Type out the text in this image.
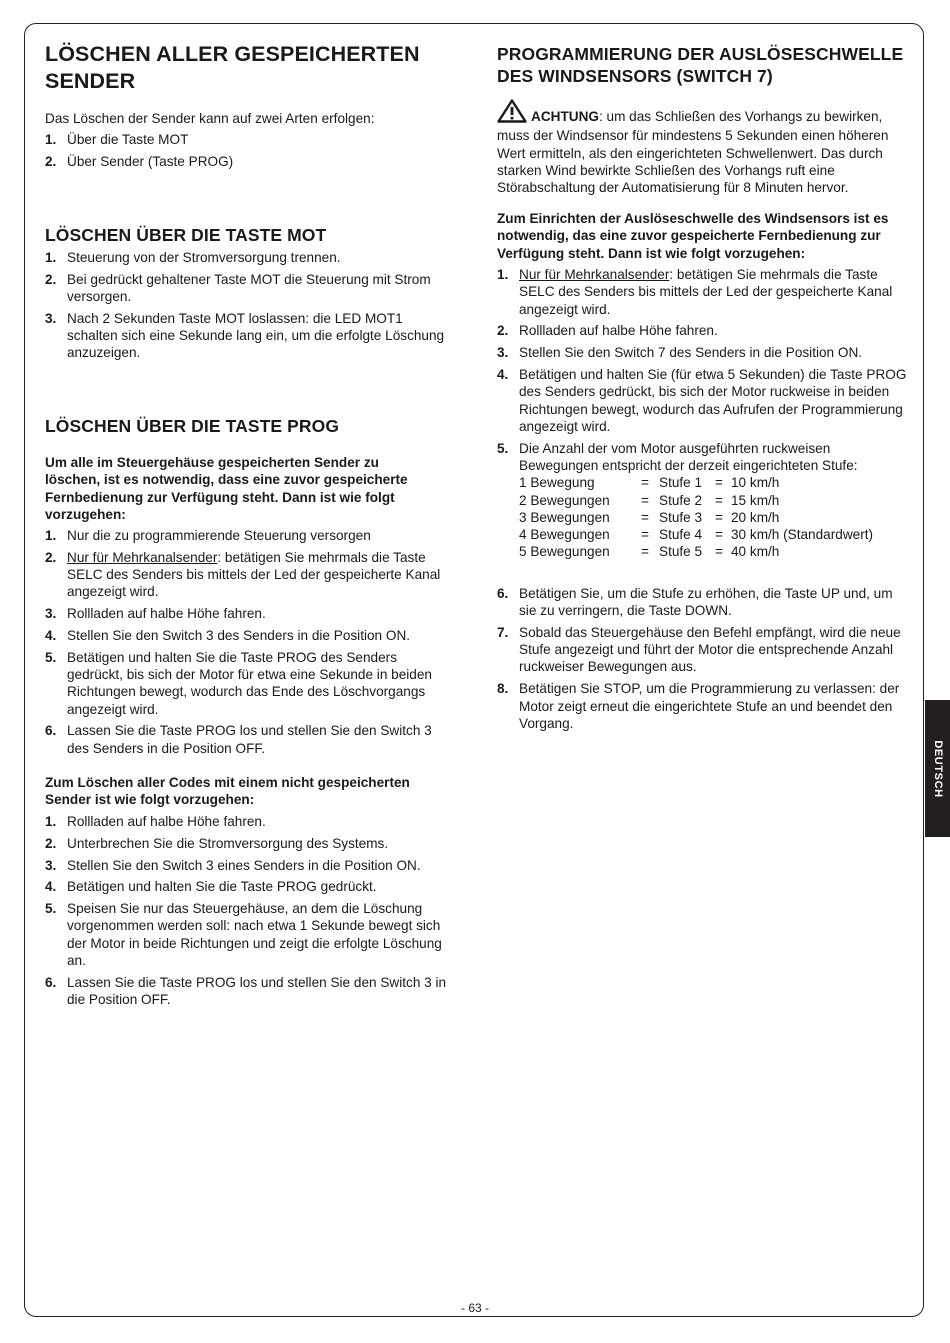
LÖSCHEN ALLER GESPEICHERTEN SENDER

Das Löschen der Sender kann auf zwei Arten erfolgen:

1. Über die Taste MOT
2. Über Sender (Taste PROG)
LÖSCHEN ÜBER DIE TASTE MOT
1. Steuerung von der Stromversorgung trennen.
2. Bei gedrückt gehaltener Taste MOT die Steuerung mit Strom versorgen.
3. Nach 2 Sekunden Taste MOT loslassen: die LED MOT1 schalten sich eine Sekunde lang ein, um die erfolgte Löschung anzuzeigen.
LÖSCHEN ÜBER DIE TASTE PROG

Um alle im Steuergehäuse gespeicherten Sender zu löschen, ist es notwendig, dass eine zuvor gespeicherte Fernbedienung zur Verfügung steht. Dann ist wie folgt vorzugehen:

1. Nur die zu programmierende Steuerung versorgen
2. Nur für Mehrkanalsender: betätigen Sie mehrmals die Taste SELC des Senders bis mittels der Led der gespeicherte Kanal angezeigt wird.
3. Rollladen auf halbe Höhe fahren.
4. Stellen Sie den Switch 3 des Senders in die Position ON.
5. Betätigen und halten Sie die Taste PROG des Senders gedrückt, bis sich der Motor für etwa eine Sekunde in beiden Richtungen bewegt, wodurch das Ende des Löschvorgangs angezeigt wird.
6. Lassen Sie die Taste PROG los und stellen Sie den Switch 3 des Senders in die Position OFF.

Zum Löschen aller Codes mit einem nicht gespeicherten Sender ist wie folgt vorzugehen:

1. Rollladen auf halbe Höhe fahren.
2. Unterbrechen Sie die Stromversorgung des Systems.
3. Stellen Sie den Switch 3 eines Senders in die Position ON.
4. Betätigen und halten Sie die Taste PROG gedrückt.
5. Speisen Sie nur das Steuergehäuse, an dem die Löschung vorgenommen werden soll: nach etwa 1 Sekunde bewegt sich der Motor in beide Richtungen und zeigt die erfolgte Löschung an.
6. Lassen Sie die Taste PROG los und stellen Sie den Switch 3 in die Position OFF.
PROGRAMMIERUNG DER AUSLÖSESCHWELLE DES WINDSENSORS (SWITCH 7)

ACHTUNG: um das Schließen des Vorhangs zu bewirken, muss der Windsensor für mindestens 5 Sekunden einen höheren Wert ermitteln, als den eingerichteten Schwellenwert. Das durch starken Wind bewirkte Schließen des Vorhangs ruft eine Störabschaltung der Automatisierung für 8 Minuten hervor.

Zum Einrichten der Auslöseschwelle des Windsensors ist es notwendig, das eine zuvor gespeicherte Fernbedienung zur Verfügung steht. Dann ist wie folgt vorzugehen:

1. Nur für Mehrkanalsender: betätigen Sie mehrmals die Taste SELC des Senders bis mittels der Led der gespeicherte Kanal angezeigt wird.
2. Rollladen auf halbe Höhe fahren.
3. Stellen Sie den Switch 7 des Senders in die Position ON.
4. Betätigen und halten Sie (für etwa 5 Sekunden) die Taste PROG des Senders gedrückt, bis sich der Motor ruckweise in beiden Richtungen bewegt, wodurch das Aufrufen der Programmierung angezeigt wird.
5. Die Anzahl der vom Motor ausgeführten ruckweisen Bewegungen entspricht der derzeit eingerichteten Stufe:
1 Bewegung	= Stufe 1 = 10 km/h
2 Bewegungen	= Stufe 2 = 15 km/h
3 Bewegungen	= Stufe 3 = 20 km/h
4 Bewegungen	= Stufe 4 = 30 km/h (Standardwert)
5 Bewegungen	= Stufe 5 = 40 km/h
6. Betätigen Sie, um die Stufe zu erhöhen, die Taste UP und, um sie zu verringern, die Taste DOWN.
7. Sobald das Steuergehäuse den Befehl empfängt, wird die neue Stufe angezeigt und führt der Motor die entsprechende Anzahl ruckweiser Bewegungen aus.
8. Betätigen Sie STOP, um die Programmierung zu verlassen: der Motor zeigt erneut die eingerichtete Stufe an und beendet den Vorgang.
DEUTSCH
- 63 -
